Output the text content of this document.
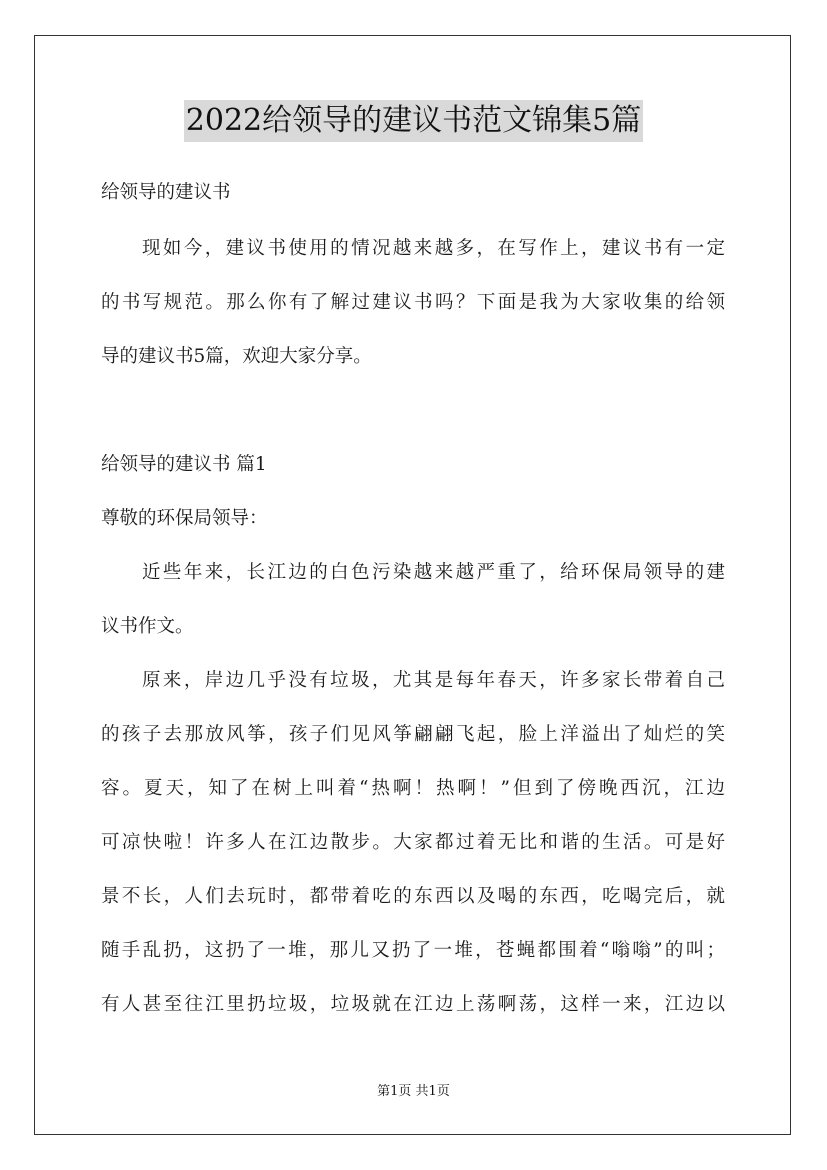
2022给领导的建议书范文锦集5篇
给领导的建议书
现如今，建议书使用的情况越来越多，在写作上，建议书有一定
的书写规范。那么你有了解过建议书吗？下面是我为大家收集的给领
导的建议书5篇，欢迎大家分享。
给领导的建议书 篇1
尊敬的环保局领导：
近些年来，长江边的白色污染越来越严重了，给环保局领导的建
议书作文。
原来，岸边几乎没有垃圾，尤其是每年春天，许多家长带着自己
的孩子去那放风筝，孩子们见风筝翩翩飞起，脸上洋溢出了灿烂的笑
容。夏天，知了在树上叫着“热啊！热啊！”但到了傍晚西沉，江边
可凉快啦！许多人在江边散步。大家都过着无比和谐的生活。可是好
景不长，人们去玩时，都带着吃的东西以及喝的东西，吃喝完后，就
随手乱扔，这扔了一堆，那儿又扔了一堆，苍蝇都围着“嗡嗡”的叫；
有人甚至往江里扔垃圾，垃圾就在江边上荡啊荡，这样一来，江边以
第1页 共1页
